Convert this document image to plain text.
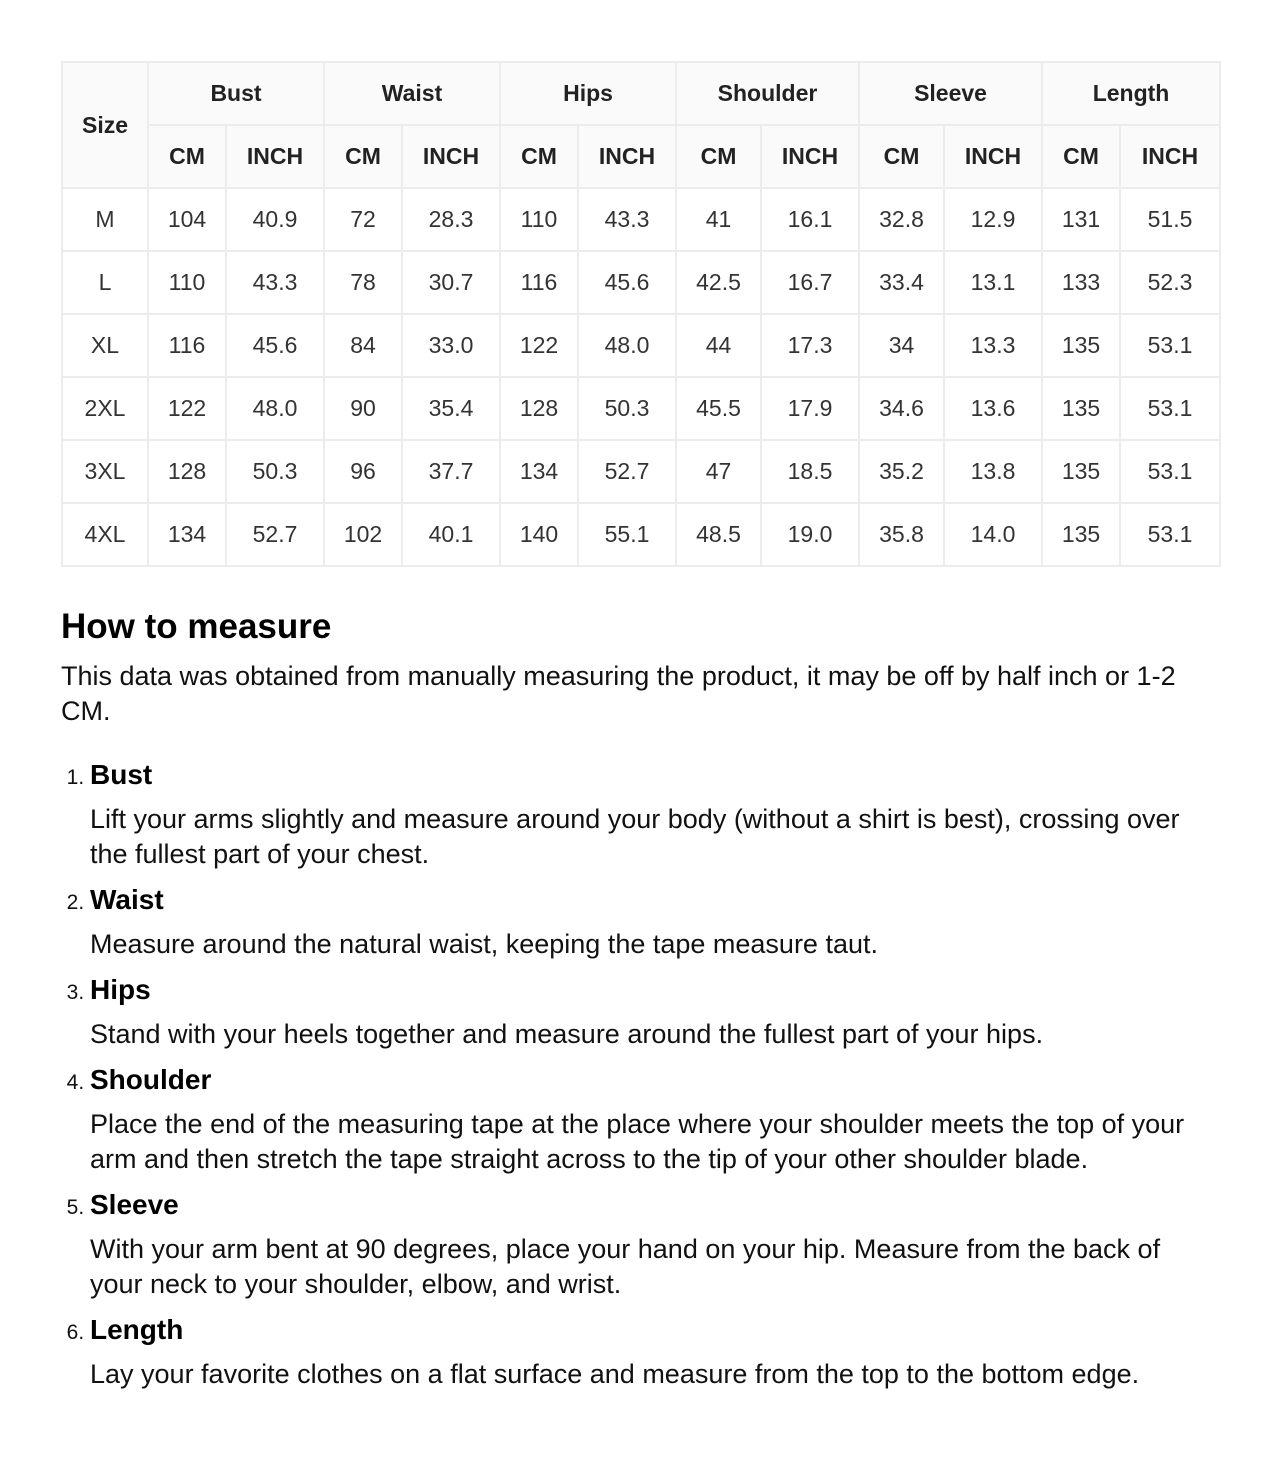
Size	Bust		Waist		Hips		Shoulder		Sleeve		Length	
	CM	INCH	CM	INCH	CM	INCH	CM	INCH	CM	INCH	CM	INCH
M	104	40.9	72	28.3	110	43.3	41	16.1	32.8	12.9	131	51.5
L	110	43.3	78	30.7	116	45.6	42.5	16.7	33.4	13.1	133	52.3
XL	116	45.6	84	33.0	122	48.0	44	17.3	34	13.3	135	53.1
2XL	122	48.0	90	35.4	128	50.3	45.5	17.9	34.6	13.6	135	53.1
3XL	128	50.3	96	37.7	134	52.7	47	18.5	35.2	13.8	135	53.1
4XL	134	52.7	102	40.1	140	55.1	48.5	19.0	35.8	14.0	135	53.1
How to measure

This data was obtained from manually measuring the product, it may be off by half inch or 1-2 CM.

1. Bust
Lift your arms slightly and measure around your body (without a shirt is best), crossing over the fullest part of your chest.
2. Waist
Measure around the natural waist, keeping the tape measure taut.
3. Hips
Stand with your heels together and measure around the fullest part of your hips.
4. Shoulder
Place the end of the measuring tape at the place where your shoulder meets the top of your arm and then stretch the tape straight across to the tip of your other shoulder blade.
5. Sleeve
With your arm bent at 90 degrees, place your hand on your hip. Measure from the back of your neck to your shoulder, elbow, and wrist.
6. Length
Lay your favorite clothes on a flat surface and measure from the top to the bottom edge.
